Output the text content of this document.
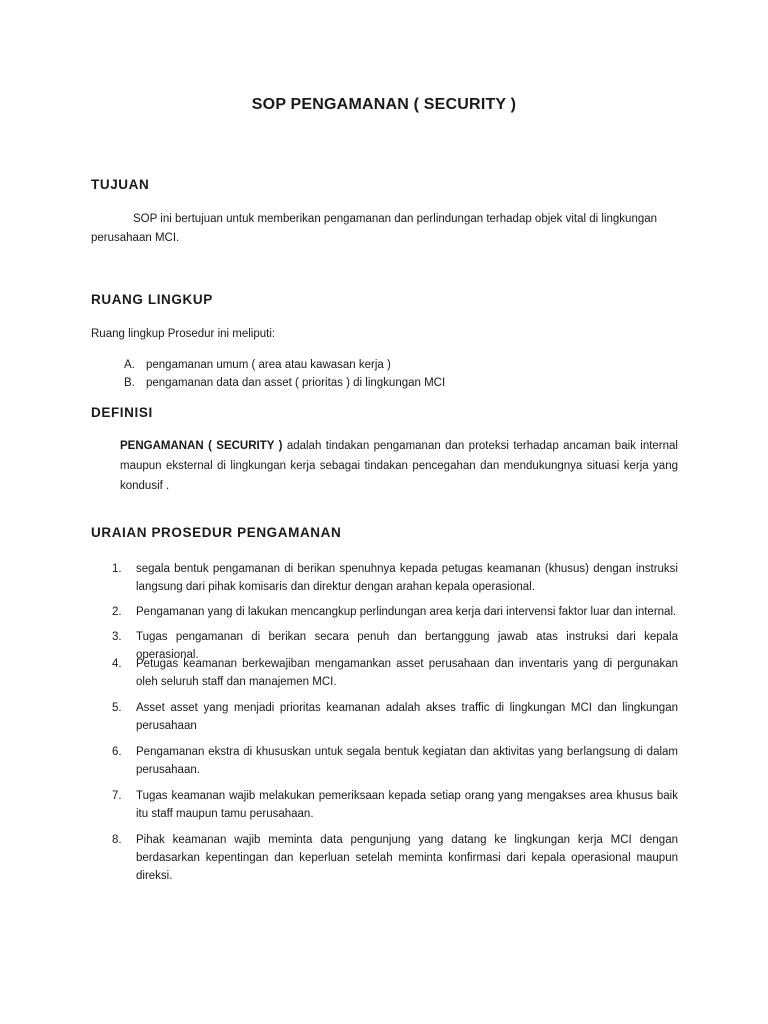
SOP PENGAMANAN ( SECURITY )
TUJUAN
SOP ini bertujuan untuk memberikan pengamanan dan perlindungan terhadap objek vital di lingkungan
perusahaan MCI.
RUANG LINGKUP
Ruang lingkup Prosedur ini meliputi:
A. pengamanan umum ( area atau kawasan kerja )
B. pengamanan data dan asset ( prioritas ) di lingkungan MCI
DEFINISI
PENGAMANAN ( SECURITY ) adalah tindakan pengamanan dan proteksi terhadap ancaman baik internal maupun eksternal di lingkungan kerja sebagai tindakan pencegahan dan mendukungnya situasi kerja yang kondusif .
URAIAN PROSEDUR PENGAMANAN
1.	segala bentuk pengamanan di berikan spenuhnya kepada petugas keamanan (khusus) dengan instruksi langsung dari pihak komisaris dan direktur dengan arahan kepala operasional.
2.	Pengamanan yang di lakukan mencangkup perlindungan area kerja dari intervensi faktor luar dan internal.
3.	Tugas pengamanan di berikan secara penuh dan bertanggung jawab atas instruksi dari kepala operasional.
4.	Petugas keamanan berkewajiban mengamankan asset perusahaan dan inventaris yang di pergunakan oleh seluruh staff dan manajemen MCI.
5.	Asset asset yang menjadi prioritas keamanan adalah akses traffic di lingkungan MCI dan lingkungan perusahaan
6.	Pengamanan ekstra di khususkan untuk segala bentuk kegiatan dan aktivitas yang berlangsung di dalam perusahaan.
7.	Tugas keamanan wajib melakukan pemeriksaan kepada setiap orang yang mengakses area khusus baik itu staff maupun tamu perusahaan.
8.	Pihak keamanan wajib meminta data pengunjung yang datang ke lingkungan kerja MCI dengan berdasarkan kepentingan dan keperluan setelah meminta konfirmasi dari kepala operasional maupun direksi.
